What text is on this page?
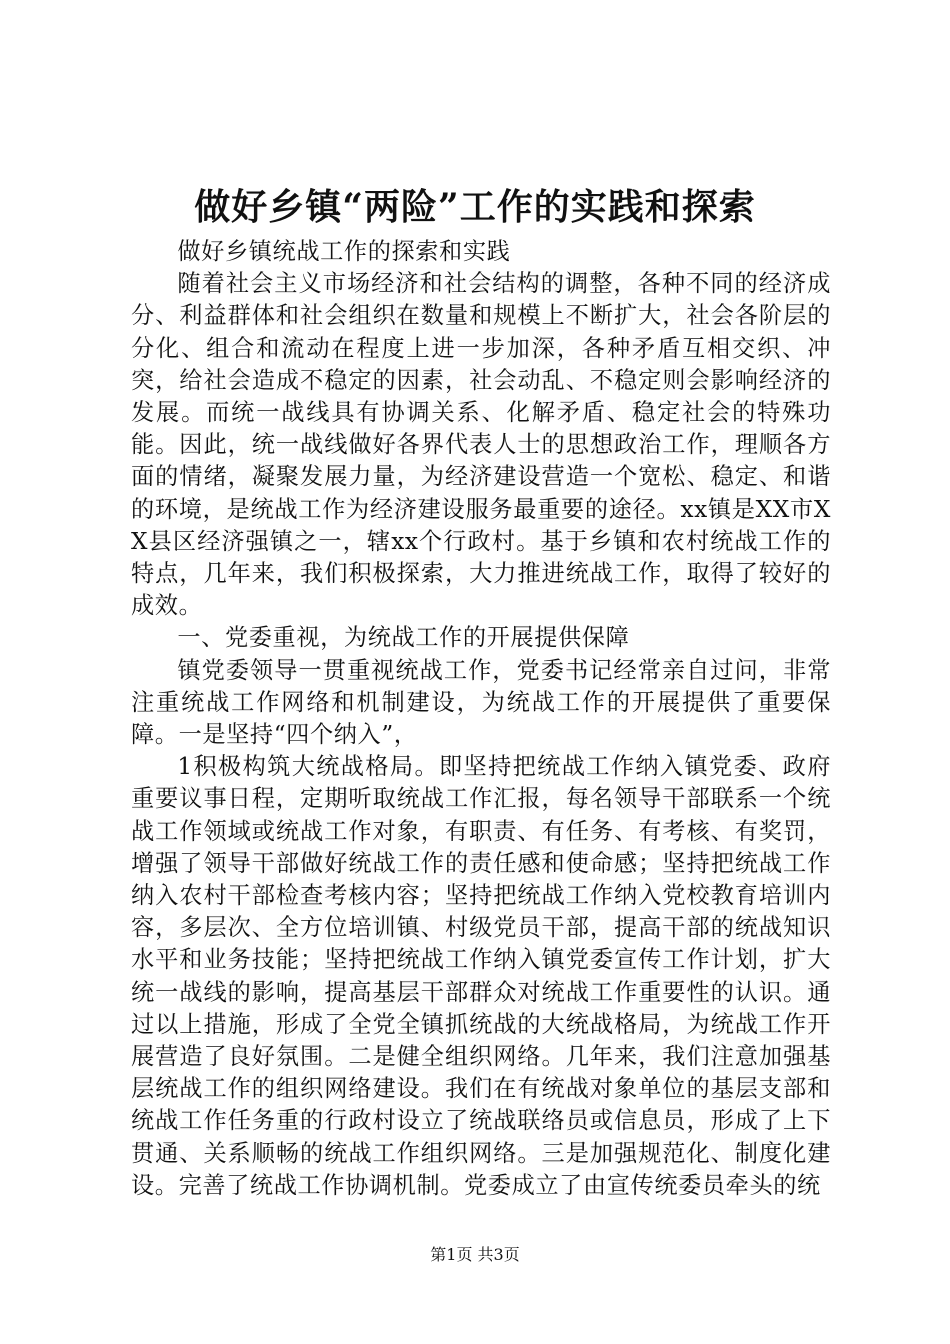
做好乡镇“两险”工作的实践和探索

做好乡镇统战工作的探索和实践

随着社会主义市场经济和社会结构的调整，各种不同的经济成分、利益群体和社会组织在数量和规模上不断扩大，社会各阶层的分化、组合和流动在程度上进一步加深，各种矛盾互相交织、冲突，给社会造成不稳定的因素，社会动乱、不稳定则会影响经济的发展。而统一战线具有协调关系、化解矛盾、稳定社会的特殊功能。因此，统一战线做好各界代表人士的思想政治工作，理顺各方面的情绪，凝聚发展力量，为经济建设营造一个宽松、稳定、和谐的环境，是统战工作为经济建设服务最重要的途径。xx镇是XX市XX县区经济强镇之一，辖xx个行政村。基于乡镇和农村统战工作的特点，几年来，我们积极探索，大力推进统战工作，取得了较好的成效。

一、党委重视，为统战工作的开展提供保障

镇党委领导一贯重视统战工作，党委书记经常亲自过问，非常注重统战工作网络和机制建设，为统战工作的开展提供了重要保障。一是坚持“四个纳入”，

1积极构筑大统战格局。即坚持把统战工作纳入镇党委、政府重要议事日程，定期听取统战工作汇报，每名领导干部联系一个统战工作领域或统战工作对象，有职责、有任务、有考核、有奖罚，增强了领导干部做好统战工作的责任感和使命感；坚持把统战工作纳入农村干部检查考核内容；坚持把统战工作纳入党校教育培训内容，多层次、全方位培训镇、村级党员干部，提高干部的统战知识水平和业务技能；坚持把统战工作纳入镇党委宣传工作计划，扩大统一战线的影响，提高基层干部群众对统战工作重要性的认识。通过以上措施，形成了全党全镇抓统战的大统战格局，为统战工作开展营造了良好氛围。二是健全组织网络。几年来，我们注意加强基层统战工作的组织网络建设。我们在有统战对象单位的基层支部和统战工作任务重的行政村设立了统战联络员或信息员，形成了上下贯通、关系顺畅的统战工作组织网络。三是加强规范化、制度化建设。完善了统战工作协调机制。党委成立了由宣传统委员牵头的统

第1页 共3页
